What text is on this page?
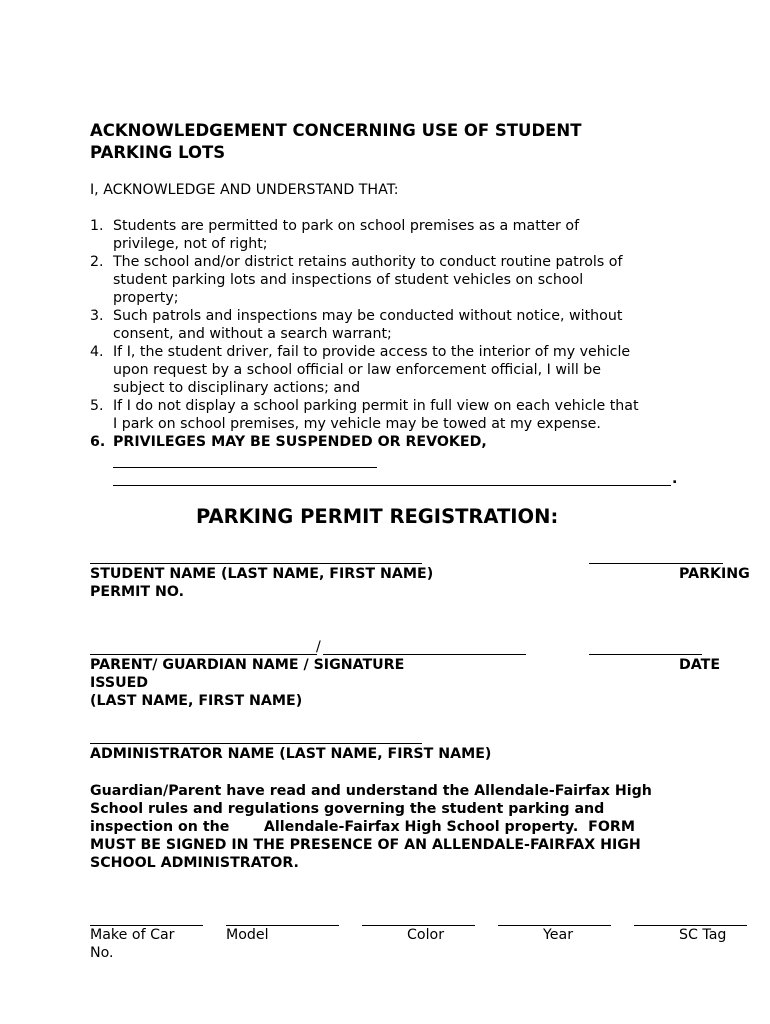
ACKNOWLEDGEMENT CONCERNING USE OF STUDENT
PARKING LOTS
I, ACKNOWLEDGE AND UNDERSTAND THAT:
1. Students are permitted to park on school premises as a matter of
privilege, not of right;
2. The school and/or district retains authority to conduct routine patrols of
student parking lots and inspections of student vehicles on school
property;
3. Such patrols and inspections may be conducted without notice, without
consent, and without a search warrant;
4. If I, the student driver, fail to provide access to the interior of my vehicle
upon request by a school official or law enforcement official, I will be
subject to disciplinary actions; and
5. If I do not display a school parking permit in full view on each vehicle that
I park on school premises, my vehicle may be towed at my expense.
6. PRIVILEGES MAY BE SUSPENDED OR REVOKED,
.
PARKING PERMIT REGISTRATION:
STUDENT NAME (LAST NAME, FIRST NAME)	PARKING
PERMIT NO.
/
PARENT/ GUARDIAN NAME / SIGNATURE	DATE
ISSUED
(LAST NAME, FIRST NAME)
ADMINISTRATOR NAME (LAST NAME, FIRST NAME)
Guardian/Parent have read and understand the Allendale-Fairfax High
School rules and regulations governing the student parking and
inspection on the       Allendale-Fairfax High School property.  FORM
MUST BE SIGNED IN THE PRESENCE OF AN ALLENDALE-FAIRFAX HIGH
SCHOOL ADMINISTRATOR.
Make of Car	Model	Color	Year	SC Tag
No.
